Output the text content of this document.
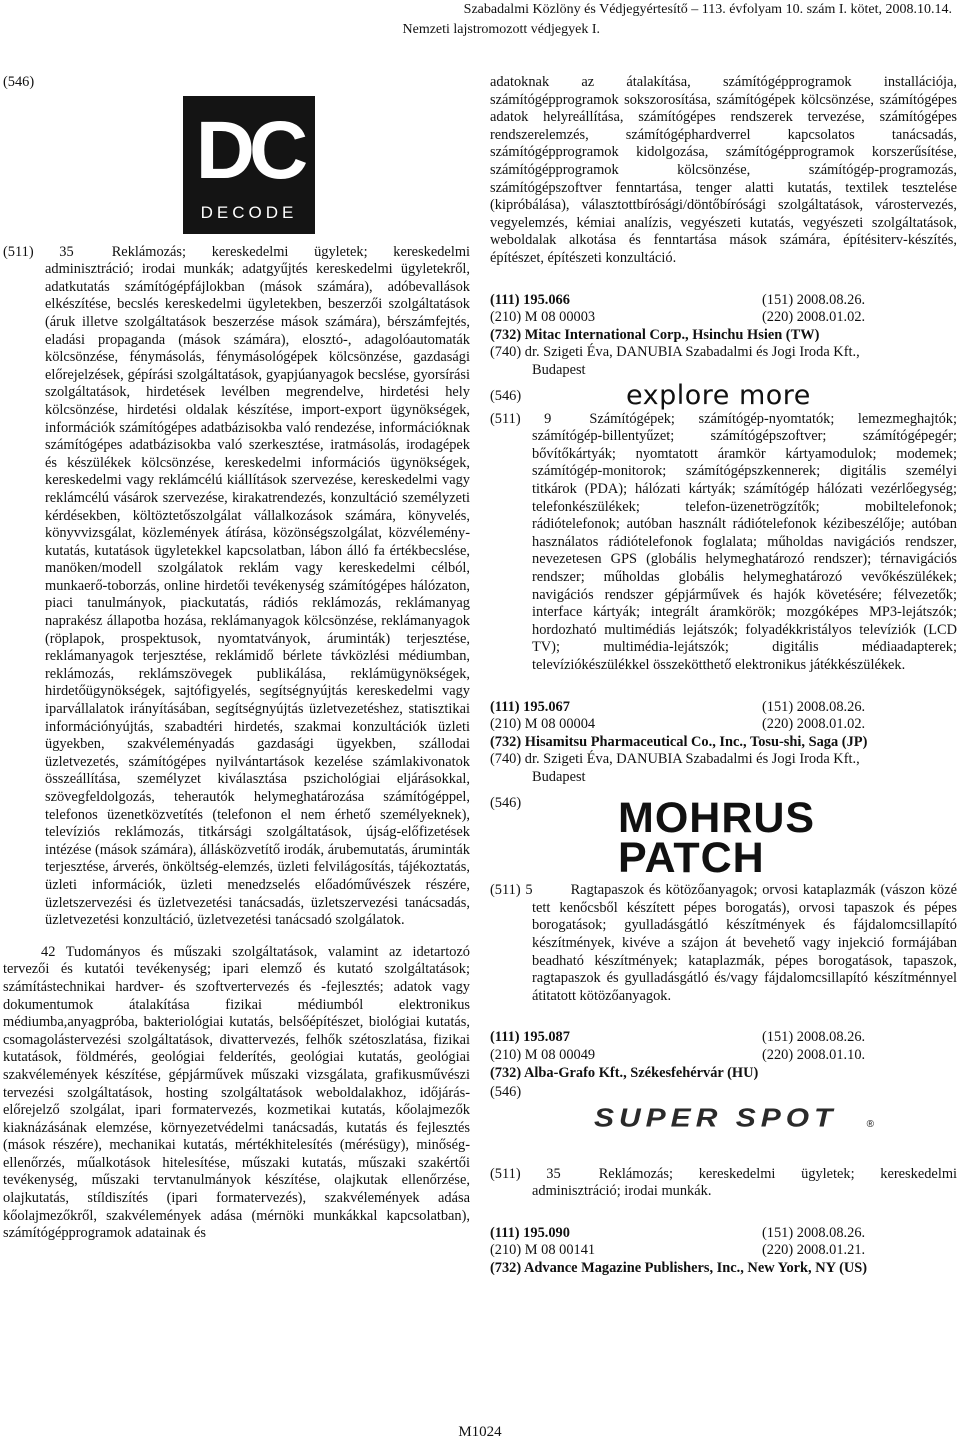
Szabadalmi Közlöny és Védjegyértesítő – 113. évfolyam 10. szám I. kötet, 2008.10.14.
Nemzeti lajstromozott védjegyek I.
(546)
DC
DECODE

(511) 35	Reklámozás; kereskedelmi ügyletek; kereskedelmi adminisztráció; irodai munkák; adatgyűjtés kereskedelmi ügyletekről, adatkutatás számítógépfájlokban (mások számára), adóbevallások elkészítése, becslés kereskedelmi ügyletekben, beszerzői szolgáltatások (áruk illetve szolgáltatások beszerzése mások számára), bérszámfejtés, eladási propaganda (mások számára), elosztó-, adagolóautomaták kölcsönzése, fénymásolás, fénymásológépek kölcsönzése, gazdasági előrejelzések, gépírási szolgáltatások, gyapjúanyagok becslése, gyorsírási szolgáltatások, hirdetések levélben megrendelve, hirdetési hely kölcsönzése, hirdetési oldalak készítése, import-export ügynökségek, információk számítógépes adatbázisokba való rendezése, információknak számítógépes adatbázisokba való szerkesztése, iratmásolás, irodagépek és készülékek kölcsönzése, kereskedelmi információs ügynökségek, kereskedelmi vagy reklámcélú kiállítások szervezése, kereskedelmi vagy reklámcélú vásárok szervezése, kirakatrendezés, konzultáció személyzeti kérdésekben, költöztetőszolgálat vállalkozások számára, könyvelés, könyvvizsgálat, közlemények átírása, közönségszolgálat, közvélemény-kutatás, kutatások ügyletekkel kapcsolatban, lábon álló fa értékbecslése, manöken/modell szolgálatok reklám vagy kereskedelmi célból, munkaerő-toborzás, online hirdetői tevékenység számítógépes hálózaton, piaci tanulmányok, piackutatás, rádiós reklámozás, reklámanyag naprakész állapotba hozása, reklámanyagok kölcsönzése, reklámanyagok (röplapok, prospektusok, nyomtatványok, áruminták) terjesztése, reklámanyagok terjesztése, reklámidő bérlete távközlési médiumban, reklámozás, reklámszövegek publikálása, reklámügynökségek, hirdetőügynökségek, sajtófigyelés, segítségnyújtás kereskedelmi vagy iparvállalatok irányításában, segítségnyújtás üzletvezetéshez, statisztikai információnyújtás, szabadtéri hirdetés, szakmai konzultációk üzleti ügyekben, szakvéleményadás gazdasági ügyekben, szállodai üzletvezetés, számítógépes nyilvántartások kezelése számlakivonatok összeállítása, személyzet kiválasztása pszichológiai eljárásokkal, szövegfeldolgozás, teherautók helymeghatározása számítógéppel, telefonos üzenetközvetítés (telefonon el nem érhető személyeknek), televíziós reklámozás, titkársági szolgáltatások, újság-előfizetések intézése (mások számára), állásközvetítő irodák, árubemutatás, áruminták terjesztése, árverés, önköltség-elemzés, üzleti felvilágosítás, tájékoztatás, üzleti információk, üzleti menedzselés előadóművészek részére, üzletszervezési és üzletvezetési tanácsadás, üzletszervezési tanácsadás, üzletvezetési konzultáció, üzletvezetési tanácsadó szolgálatok.

42 Tudományos és műszaki szolgáltatások, valamint az idetartozó tervezői és kutatói tevékenység; ipari elemző és kutató szolgáltatások; számítástechnikai hardver- és szoftvertervezés és -fejlesztés; adatok vagy dokumentumok átalakítása fizikai médiumból elektronikus médiumba,anyagpróba, bakteriológiai kutatás, belsőépítészet, biológiai kutatás, csomagolástervezési szolgáltatások, divattervezés, felhők szétoszlatása, fizikai kutatások, földmérés, geológiai felderítés, geológiai kutatás, geológiai szakvélemények készítése, gépjárművek műszaki vizsgálata, grafikusművészi tervezési szolgáltatások, hosting szolgáltatások weboldalakhoz, időjárás-előrejelző szolgálat, ipari formatervezés, kozmetikai kutatás, kőolajmezők kiaknázásának elemzése, környezetvédelmi tanácsadás, kutatás és fejlesztés (mások részére), mechanikai kutatás, mértékhitelesítés (mérésügy), minőség-ellenőrzés, műalkotások hitelesítése, műszaki kutatás, műszaki szakértői tevékenység, műszaki tervtanulmányok készítése, olajkutak ellenőrzése, olajkutatás, stíldiszítés (ipari formatervezés), szakvélemények adása kőolajmezőkről, szakvélemények adása (mérnöki munkákkal kapcsolatban), számítógépprogramok adatainak és

adatoknak az átalakítása, számítógépprogramok installációja, számítógépprogramok sokszorosítása, számítógépek kölcsönzése, számítógépes adatok helyreállítása, számítógépes rendszerek tervezése, számítógépes rendszerelemzés, számítógéphardverrel kapcsolatos tanácsadás, számítógépprogramok kidolgozása, számítógépprogramok korszerűsítése, számítógépprogramok kölcsönzése, számítógép-programozás, számítógépszoftver fenntartása, tenger alatti kutatás, textilek tesztelése (kipróbálása), választottbírósági/döntőbírósági szolgáltatások, várostervezés, vegyelemzés, kémiai analízis, vegyészeti kutatás, vegyészeti szolgáltatások, weboldalak alkotása és fenntartása mások számára, építésiterv-készítés, építészet, építészeti konzultáció.

(111) 195.066	(151) 2008.08.26.
(210) M 08 00003	(220) 2008.01.02.
(732) Mitac International Corp., Hsinchu Hsien (TW)
(740) dr. Szigeti Éva, DANUBIA Szabadalmi és Jogi Iroda Kft.,
Budapest
(546)	explore more

(511) 9	Számítógépek; számítógép-nyomtatók; lemezmeghajtók; számítógép-billentyűzet; számítógépszoftver; számítógépegér; bővítőkártyák; nyomtatott áramkör kártyamodulok; modemek; számítógép-monitorok; számítógépszkennerek; digitális személyi titkárok (PDA); hálózati kártyák; számítógép hálózati vezérlőegység; telefonkészülékek; telefon-üzenetrögzítők; mobiltelefonok; rádiótelefonok; autóban használt rádiótelefonok kézibeszélője; autóban használatos rádiótelefonok foglalata; műholdas navigációs rendszer, nevezetesen GPS (globális helymeghatározó rendszer); térnavigációs rendszer; műholdas globális helymeghatározó vevőkészülékek; navigációs rendszer gépjárművek és hajók követésére; félvezetők; interface kártyák; integrált áramkörök; mozgóképes MP3-lejátszók; hordozható multimédiás lejátszók; folyadékkristályos televíziók (LCD TV); multimédia-lejátszók; digitális médiaadapterek; televíziókészülékkel összekötthető elektronikus játékkészülékek.

(111) 195.067	(151) 2008.08.26.
(210) M 08 00004	(220) 2008.01.02.
(732) Hisamitsu Pharmaceutical Co., Inc., Tosu-shi, Saga (JP)
(740) dr. Szigeti Éva, DANUBIA Szabadalmi és Jogi Iroda Kft.,
Budapest
(546)	MOHRUS
PATCH

(511) 5	Ragtapaszok és kötözőanyagok; orvosi kataplazmák (vászon közé tett kenőcsből készített pépes borogatás), orvosi tapaszok és pépes borogatások; gyulladásgátló készítmények és fájdalomcsillapító készítmények, kivéve a szájon át bevehető vagy injekció formájában beadható készítmények; kataplazmák, pépes borogatások, tapaszok, ragtapaszok és gyulladásgátló és/vagy fájdalomcsillapító készítménnyel átitatott kötözőanyagok.

(111) 195.087	(151) 2008.08.26.
(210) M 08 00049	(220) 2008.01.10.
(732) Alba-Grafo Kft., Székesfehérvár (HU)
(546)
SUPER SPOT	®

(511) 35	Reklámozás; kereskedelmi ügyletek; kereskedelmi adminisztráció; irodai munkák.

(111) 195.090	(151) 2008.08.26.
(210) M 08 00141	(220) 2008.01.21.
(732) Advance Magazine Publishers, Inc., New York, NY (US)
M1024
